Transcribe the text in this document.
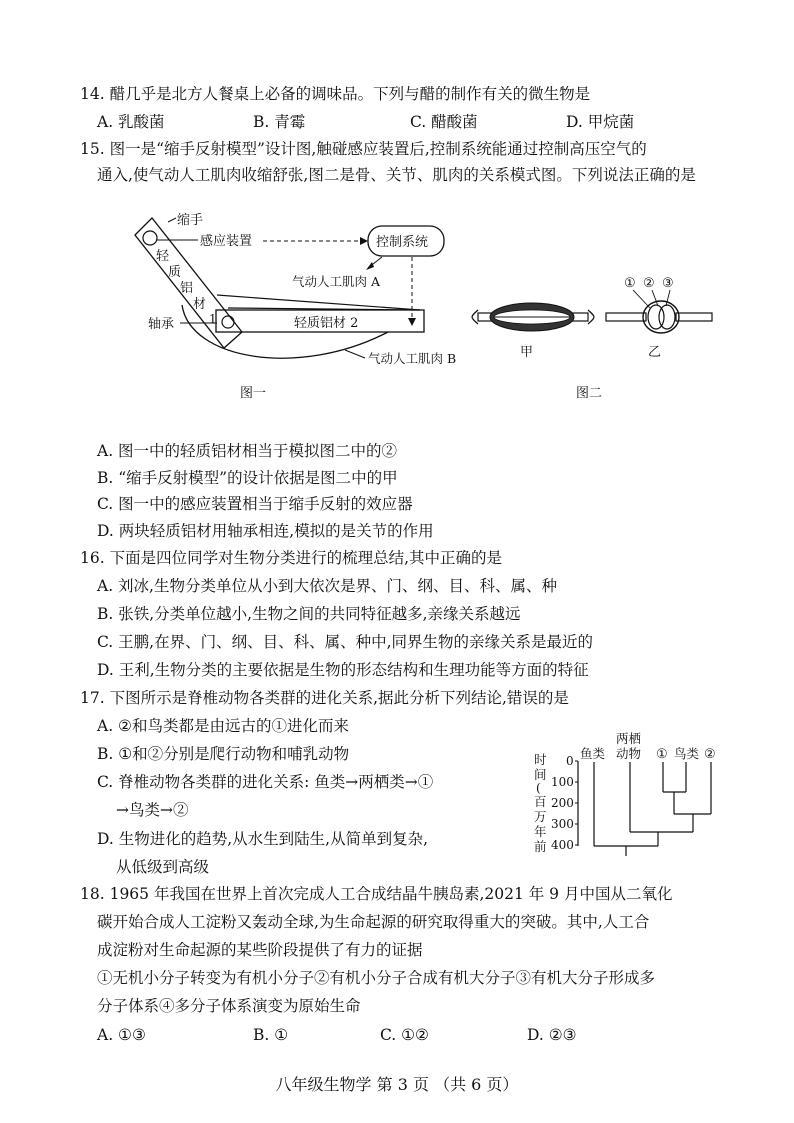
14. 醋几乎是北方人餐桌上必备的调味品。下列与醋的制作有关的微生物是
A. 乳酸菌	B. 青霉	C. 醋酸菌	D. 甲烷菌
15. 图一是“缩手反射模型”设计图,触碰感应装置后,控制系统能通过控制高压空气的
通入,使气动人工肌肉收缩舒张,图二是骨、关节、肌肉的关系模式图。下列说法正确的是
缩手
轻
质
铝
材
1
感应装置	控制系统
气动人工肌肉 A
轻质铝材 2
轴承
气动人工肌肉 B
图一
甲
① ② ③
乙
图二
A. 图一中的轻质铝材相当于模拟图二中的②
B. “缩手反射模型”的设计依据是图二中的甲
C. 图一中的感应装置相当于缩手反射的效应器
D. 两块轻质铝材用轴承相连,模拟的是关节的作用
16. 下面是四位同学对生物分类进行的梳理总结,其中正确的是
A. 刘冰,生物分类单位从小到大依次是界、门、纲、目、科、属、种
B. 张铁,分类单位越小,生物之间的共同特征越多,亲缘关系越远
C. 王鹏,在界、门、纲、目、科、属、种中,同界生物的亲缘关系是最近的
D. 王利,生物分类的主要依据是生物的形态结构和生理功能等方面的特征
17. 下图所示是脊椎动物各类群的进化关系,据此分析下列结论,错误的是
A. ②和鸟类都是由远古的①进化而来
B. ①和②分别是爬行动物和哺乳动物
C. 脊椎动物各类群的进化关系: 鱼类→两栖类→①
→鸟类→②
D. 生物进化的趋势,从水生到陆生,从简单到复杂,
从低级到高级
时
间
(
百
万
年
前
0
100
200
300
400
鱼类
两栖
动物 ① 鸟类 ②
18. 1965 年我国在世界上首次完成人工合成结晶牛胰岛素,2021 年 9 月中国从二氧化
碳开始合成人工淀粉又轰动全球,为生命起源的研究取得重大的突破。其中,人工合
成淀粉对生命起源的某些阶段提供了有力的证据
①无机小分子转变为有机小分子②有机小分子合成有机大分子③有机大分子形成多
分子体系④多分子体系演变为原始生命
A. ①③	B. ①	C. ①②	D. ②③
八年级生物学 第 3 页 （共 6 页）
